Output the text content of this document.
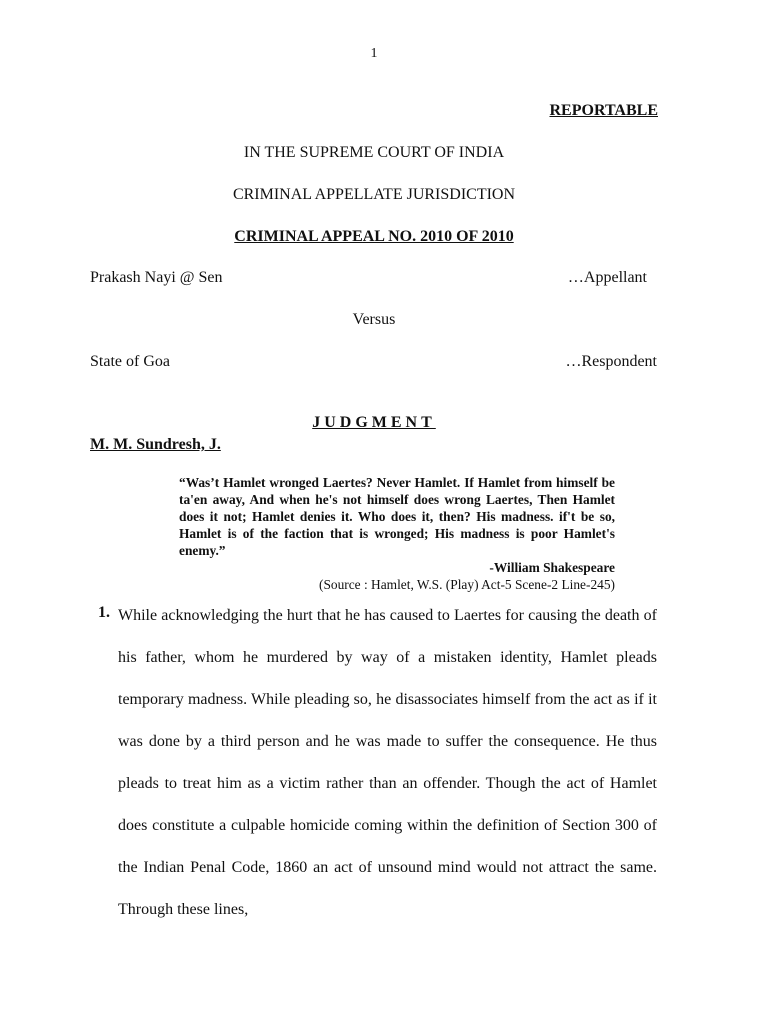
1
REPORTABLE
IN THE SUPREME COURT OF INDIA
CRIMINAL APPELLATE JURISDICTION
CRIMINAL APPEAL NO. 2010 OF 2010
Prakash Nayi @ Sen	…Appellant
Versus
State of Goa	…Respondent
JUDGMENT
M. M. Sundresh, J.

“Was’t Hamlet wronged Laertes? Never Hamlet. If Hamlet from himself be ta'en away, And when he's not himself does wrong Laertes, Then Hamlet does it not; Hamlet denies it. Who does it, then? His madness. if't be so, Hamlet is of the faction that is wronged; His madness is poor Hamlet's enemy.”

-William Shakespeare

(Source : Hamlet, W.S. (Play) Act-5 Scene-2 Line-245)

1. While acknowledging the hurt that he has caused to Laertes for causing the death of his father, whom he murdered by way of a mistaken identity, Hamlet pleads temporary madness. While pleading so, he disassociates himself from the act as if it was done by a third person and he was made to suffer the consequence. He thus pleads to treat him as a victim rather than an offender. Though the act of Hamlet does constitute a culpable homicide coming within the definition of Section 300 of the Indian Penal Code, 1860 an act of unsound mind would not attract the same. Through these lines,
